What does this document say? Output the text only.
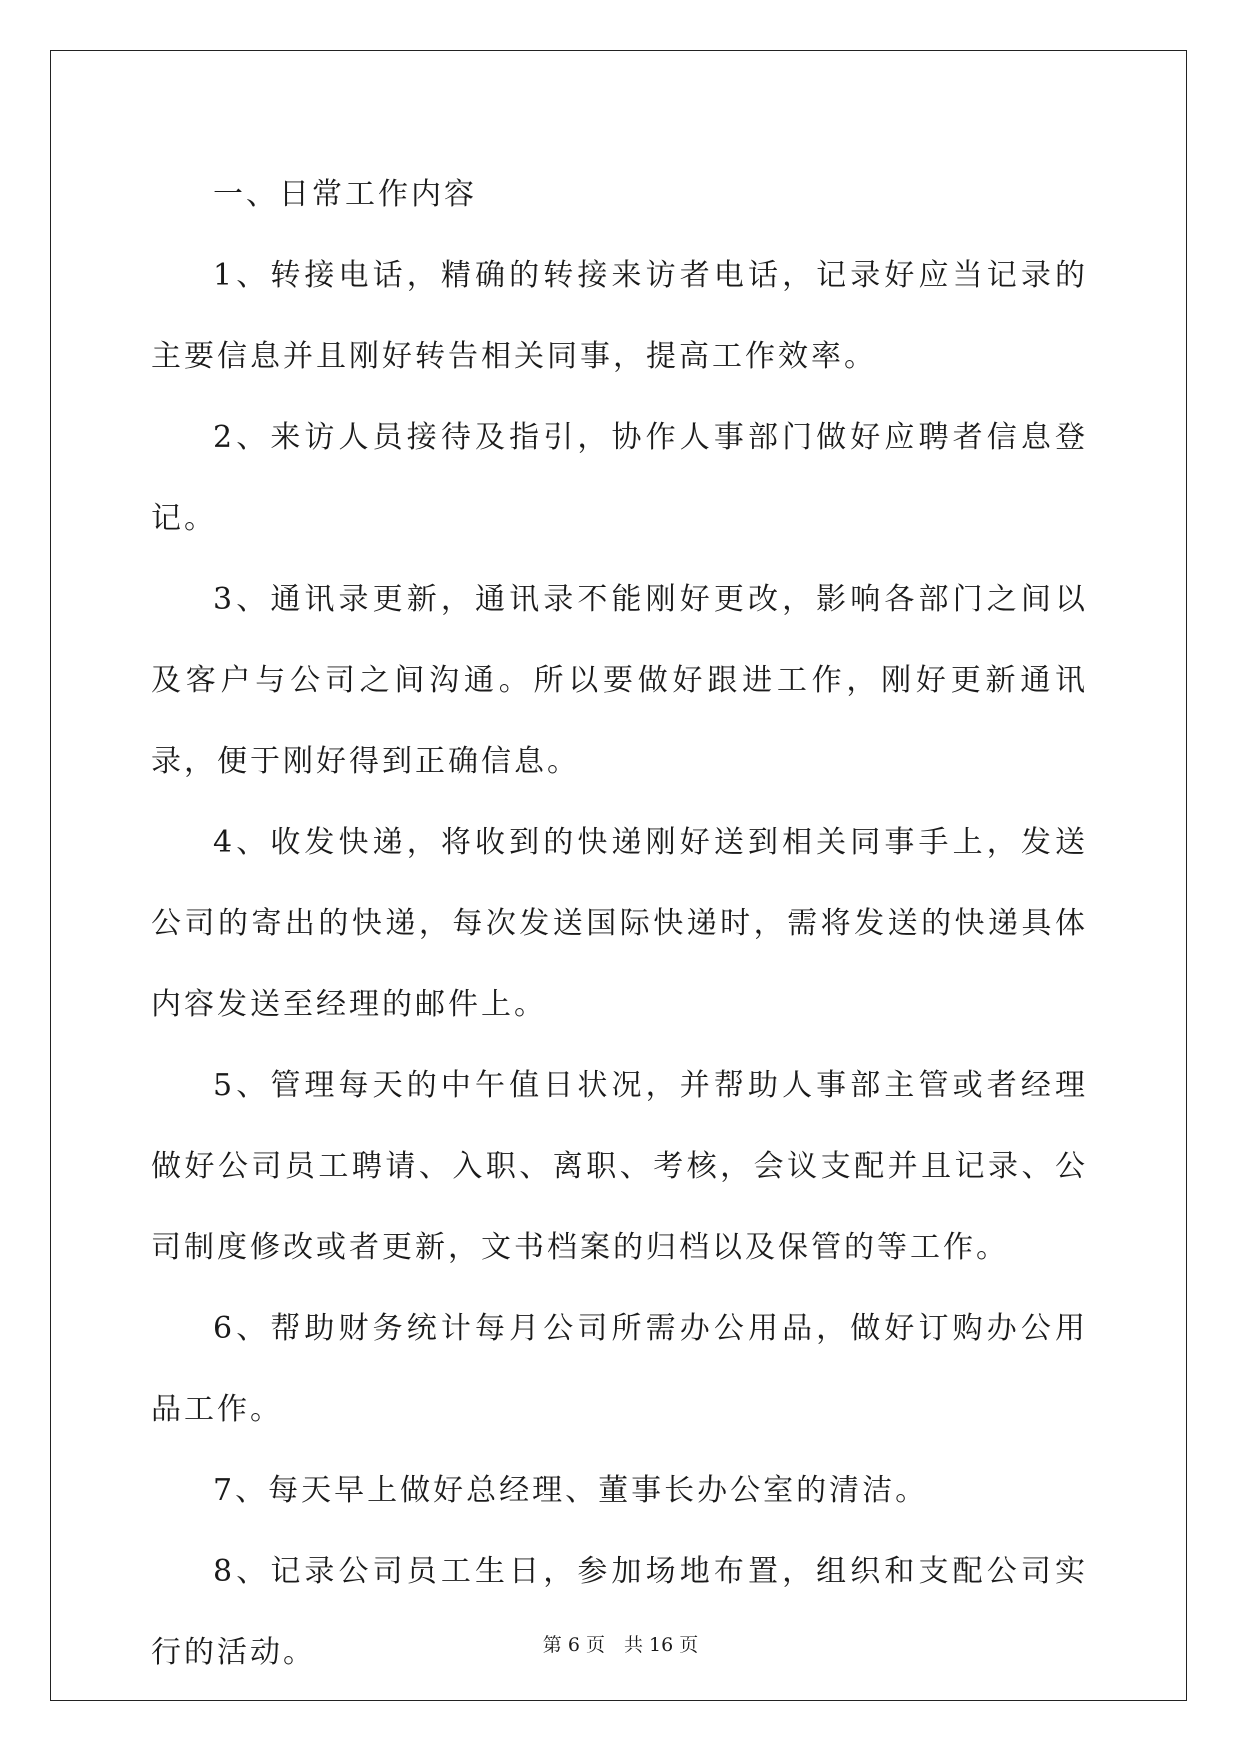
一、日常工作内容

1、转接电话，精确的转接来访者电话，记录好应当记录的主要信息并且刚好转告相关同事，提高工作效率。

2、来访人员接待及指引，协作人事部门做好应聘者信息登记。

3、通讯录更新，通讯录不能刚好更改，影响各部门之间以及客户与公司之间沟通。所以要做好跟进工作，刚好更新通讯录，便于刚好得到正确信息。

4、收发快递，将收到的快递刚好送到相关同事手上，发送公司的寄出的快递，每次发送国际快递时，需将发送的快递具体内容发送至经理的邮件上。

5、管理每天的中午值日状况，并帮助人事部主管或者经理做好公司员工聘请、入职、离职、考核，会议支配并且记录、公司制度修改或者更新，文书档案的归档以及保管的等工作。

6、帮助财务统计每月公司所需办公用品，做好订购办公用品工作。

7、每天早上做好总经理、董事长办公室的清洁。

8、记录公司员工生日，参加场地布置，组织和支配公司实行的活动。	第 6 页　共 16 页
